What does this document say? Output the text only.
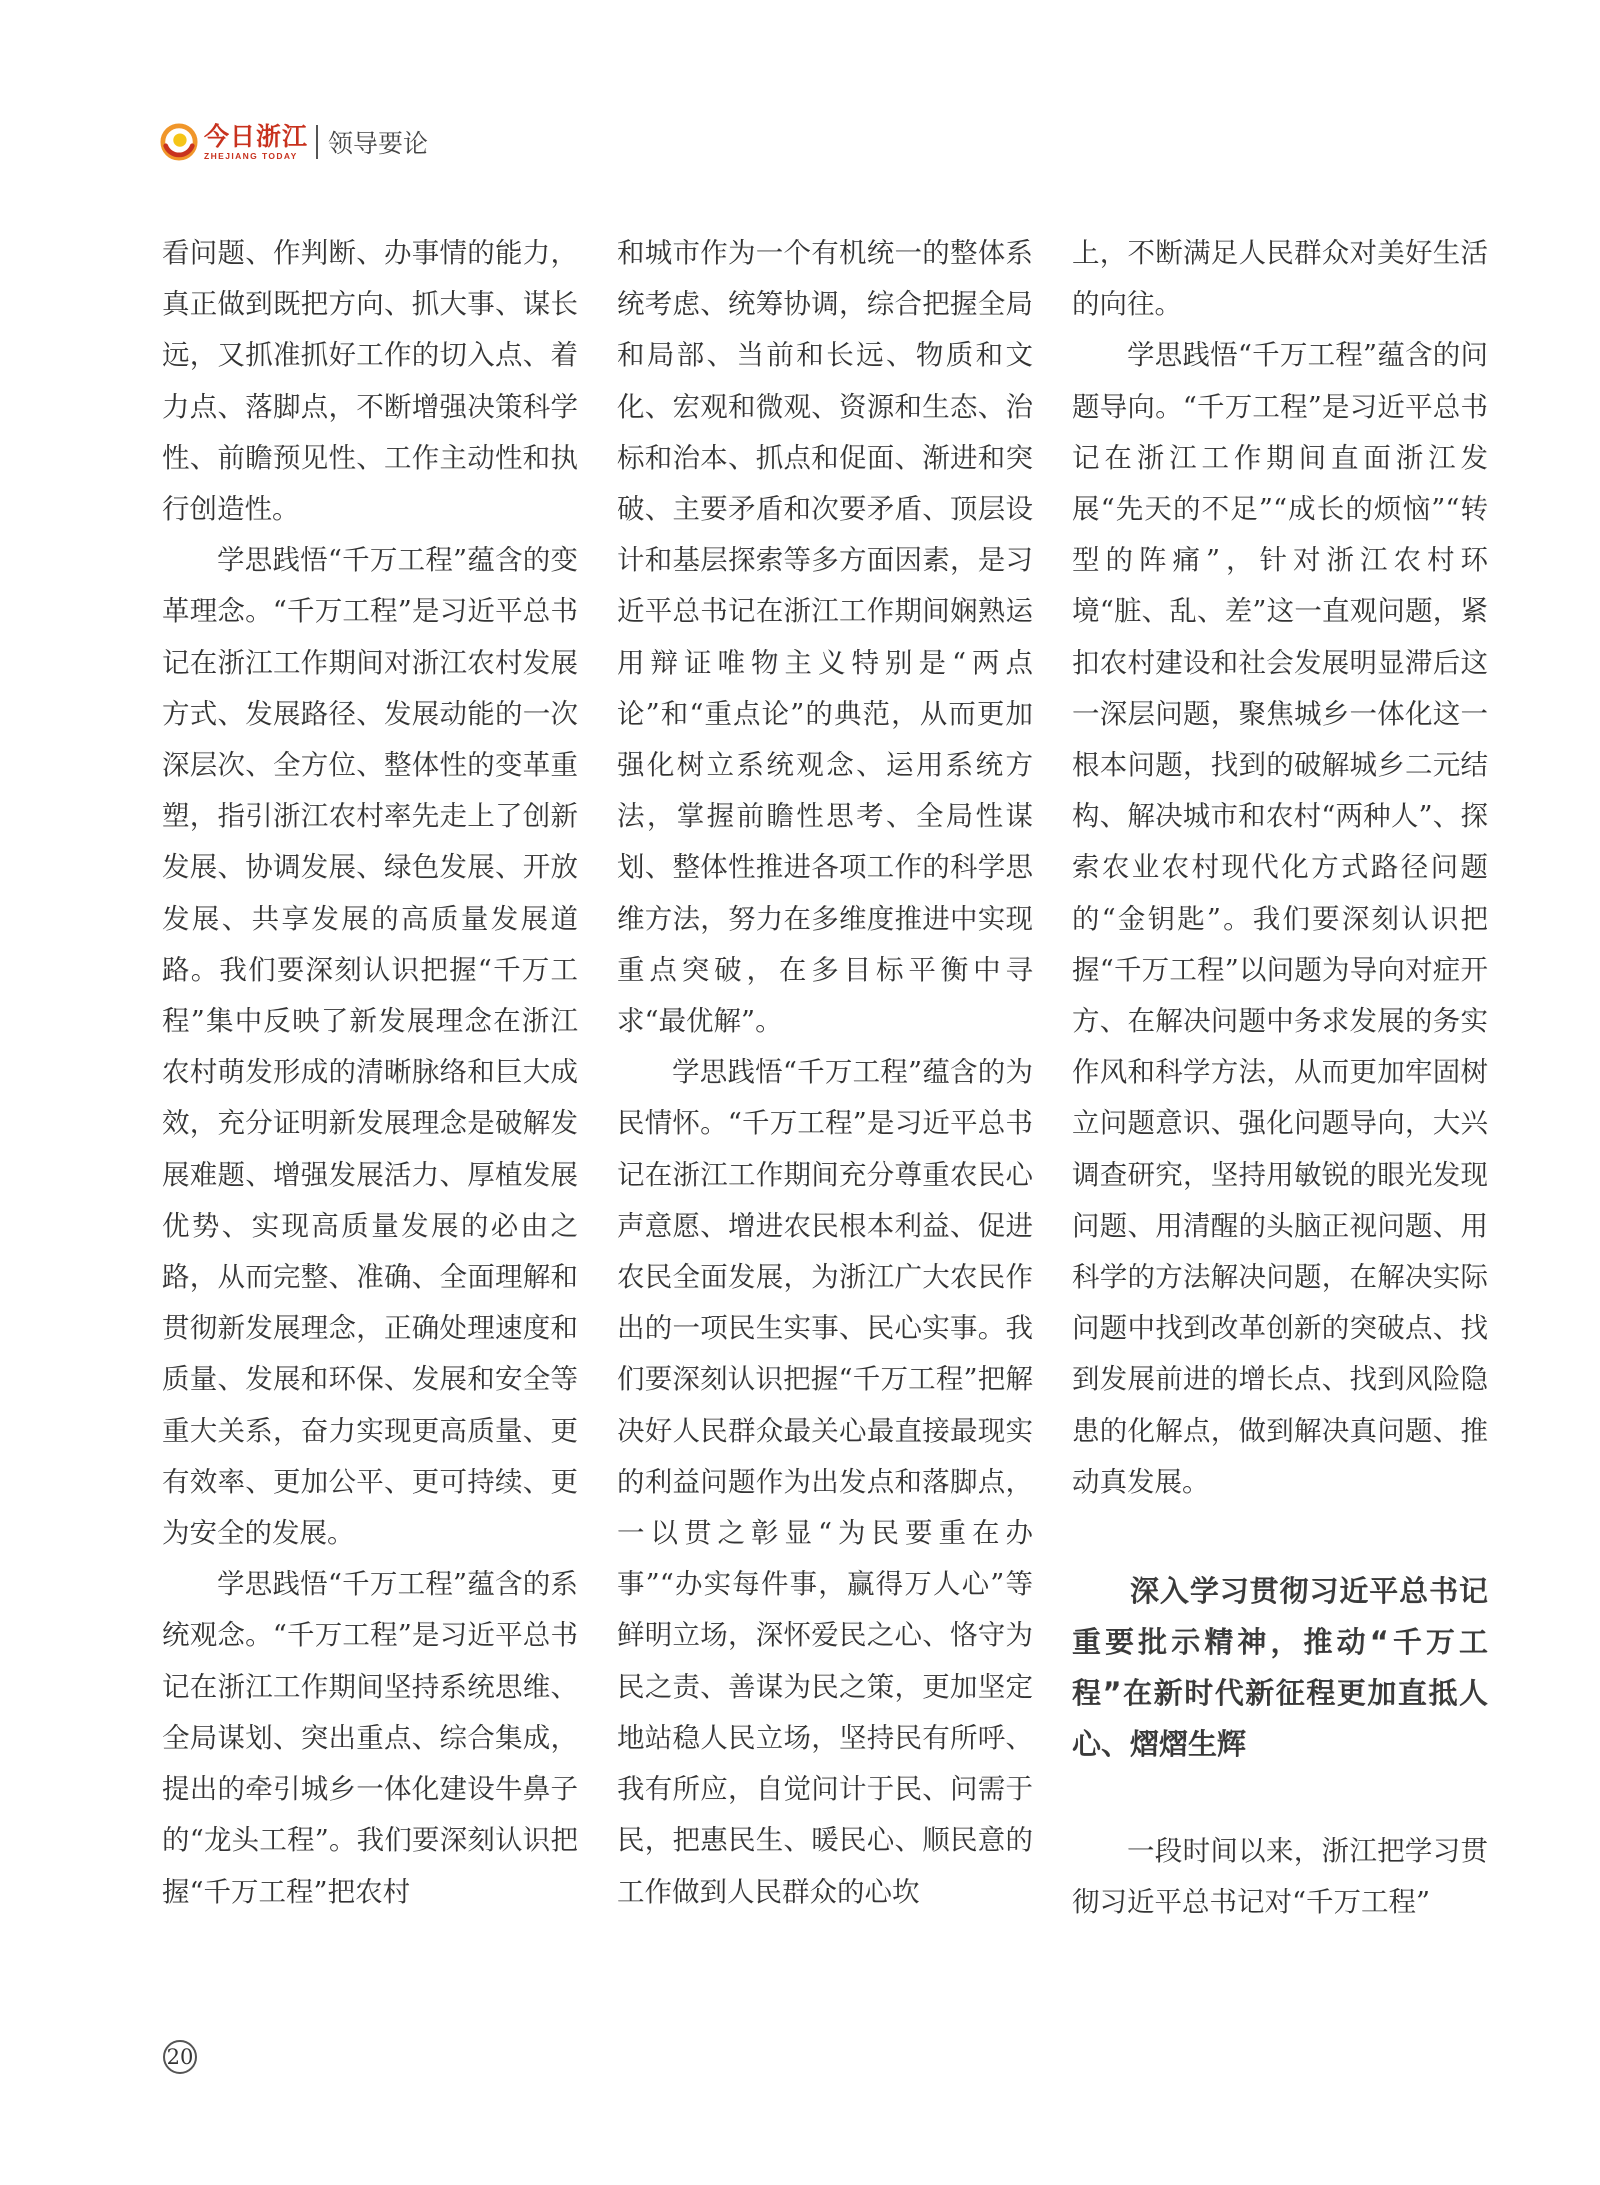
今日浙江
ZHEJIANG TODAY	领导要论

看问题、作判断、办事情的能力，真正做到既把方向、抓大事、谋长远，又抓准抓好工作的切入点、着力点、落脚点，不断增强决策科学性、前瞻预见性、工作主动性和执行创造性。

学思践悟“千万工程”蕴含的变革理念。“千万工程”是习近平总书记在浙江工作期间对浙江农村发展方式、发展路径、发展动能的一次深层次、全方位、整体性的变革重塑，指引浙江农村率先走上了创新发展、协调发展、绿色发展、开放发展、共享发展的高质量发展道路。我们要深刻认识把握“千万工程”集中反映了新发展理念在浙江农村萌发形成的清晰脉络和巨大成效，充分证明新发展理念是破解发展难题、增强发展活力、厚植发展优势、实现高质量发展的必由之路，从而完整、准确、全面理解和贯彻新发展理念，正确处理速度和质量、发展和环保、发展和安全等重大关系，奋力实现更高质量、更有效率、更加公平、更可持续、更为安全的发展。

学思践悟“千万工程”蕴含的系统观念。“千万工程”是习近平总书记在浙江工作期间坚持系统思维、全局谋划、突出重点、综合集成，提出的牵引城乡一体化建设牛鼻子的“龙头工程”。我们要深刻认识把握“千万工程”把农村

和城市作为一个有机统一的整体系统考虑、统筹协调，综合把握全局和局部、当前和长远、物质和文化、宏观和微观、资源和生态、治标和治本、抓点和促面、渐进和突破、主要矛盾和次要矛盾、顶层设计和基层探索等多方面因素，是习近平总书记在浙江工作期间娴熟运用辩证唯物主义特别是“两点论”和“重点论”的典范，从而更加强化树立系统观念、运用系统方法，掌握前瞻性思考、全局性谋划、整体性推进各项工作的科学思维方法，努力在多维度推进中实现重点突破，在多目标平衡中寻求“最优解”。

学思践悟“千万工程”蕴含的为民情怀。“千万工程”是习近平总书记在浙江工作期间充分尊重农民心声意愿、增进农民根本利益、促进农民全面发展，为浙江广大农民作出的一项民生实事、民心实事。我们要深刻认识把握“千万工程”把解决好人民群众最关心最直接最现实的利益问题作为出发点和落脚点，一以贯之彰显“为民要重在办事”“办实每件事，赢得万人心”等鲜明立场，深怀爱民之心、恪守为民之责、善谋为民之策，更加坚定地站稳人民立场，坚持民有所呼、我有所应，自觉问计于民、问需于民，把惠民生、暖民心、顺民意的工作做到人民群众的心坎

上，不断满足人民群众对美好生活的向往。

学思践悟“千万工程”蕴含的问题导向。“千万工程”是习近平总书记在浙江工作期间直面浙江发展“先天的不足”“成长的烦恼”“转型的阵痛”，针对浙江农村环境“脏、乱、差”这一直观问题，紧扣农村建设和社会发展明显滞后这一深层问题，聚焦城乡一体化这一根本问题，找到的破解城乡二元结构、解决城市和农村“两种人”、探索农业农村现代化方式路径问题的“金钥匙”。我们要深刻认识把握“千万工程”以问题为导向对症开方、在解决问题中务求发展的务实作风和科学方法，从而更加牢固树立问题意识、强化问题导向，大兴调查研究，坚持用敏锐的眼光发现问题、用清醒的头脑正视问题、用科学的方法解决问题，在解决实际问题中找到改革创新的突破点、找到发展前进的增长点、找到风险隐患的化解点，做到解决真问题、推动真发展。

深入学习贯彻习近平总书记重要批示精神，推动“千万工程”在新时代新征程更加直抵人心、熠熠生辉

一段时间以来，浙江把学习贯彻习近平总书记对“千万工程”

20
